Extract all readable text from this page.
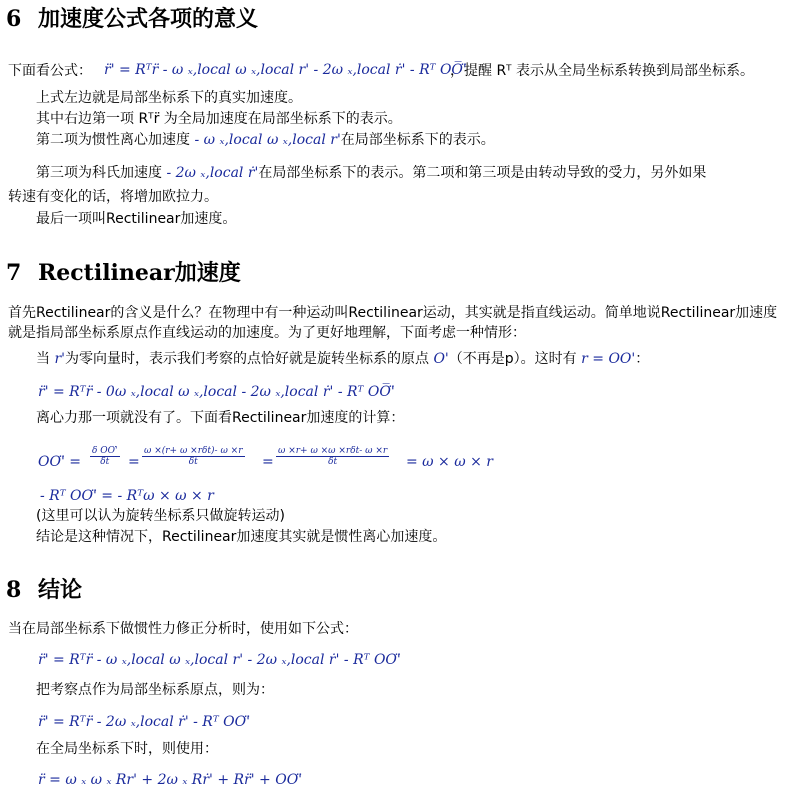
6 加速度公式各项的意义
下面看公式： r̈' = Rᵀr̈ - ω ₓ,local ω ₓ,local r' - 2ω ₓ,local ṙ' - Rᵀ OO̅'̈
，提醒 Rᵀ 表示从全局坐标系转换到局部坐标系。
上式左边就是局部坐标系下的真实加速度。
其中右边第一项 Rᵀr̈ 为全局加速度在局部坐标系下的表示。
第二项为惯性离心加速度 - ω ₓ,local ω ₓ,local r'在局部坐标系下的表示。
第三项为科氏加速度 - 2ω ₓ,local ṙ'在局部坐标系下的表示。第二项和第三项是由转动导致的受力，另外如果
转速有变化的话，将增加欧拉力。
最后一项叫Rectilinear加速度。
7 Rectilinear加速度
首先Rectilinear的含义是什么？在物理中有一种运动叫Rectilinear运动，其实就是指直线运动。简单地说Rectilinear加速度就是指局部坐标系原点作直线运动的加速度。为了更好地理解，下面考虑一种情形：
当 r'为零向量时，表示我们考察的点恰好就是旋转坐标系的原点 O'（不再是p）。这时有 r = OO'：
r̈' = Rᵀr̈ - 0ω ₓ,local ω ₓ,local - 2ω ₓ,local ṙ' - Rᵀ OO̅'̈
离心力那一项就没有了。下面看Rectilinear加速度的计算：
OO'̈ = $\frac{\text{δ OO'̇}}{\delta t}$ =
ω ×(r+ ω ×rδt)- ω ×r
δt	=
ω ×r+ ω ×ω ×rδt- ω ×r
δt	= ω × ω × r
- Rᵀ OO'̈ = - Rᵀω × ω × r
(这里可以认为旋转坐标系只做旋转运动)
结论是这种情况下，Rectilinear加速度其实就是惯性离心加速度。
8 结论
当在局部坐标系下做惯性力修正分析时，使用如下公式：
r̈' = Rᵀr̈ - ω ₓ,local ω ₓ,local r' - 2ω ₓ,local ṙ' - Rᵀ OO'̈
把考察点作为局部坐标系原点，则为：
r̈' = Rᵀr̈ - 2ω ₓ,local ṙ' - Rᵀ OO'̈
在全局坐标系下时，则使用：
r̈ = ω ₓ ω ₓ Rr' + 2ω ₓ Rṙ' + Rr̈' + OO'̈
